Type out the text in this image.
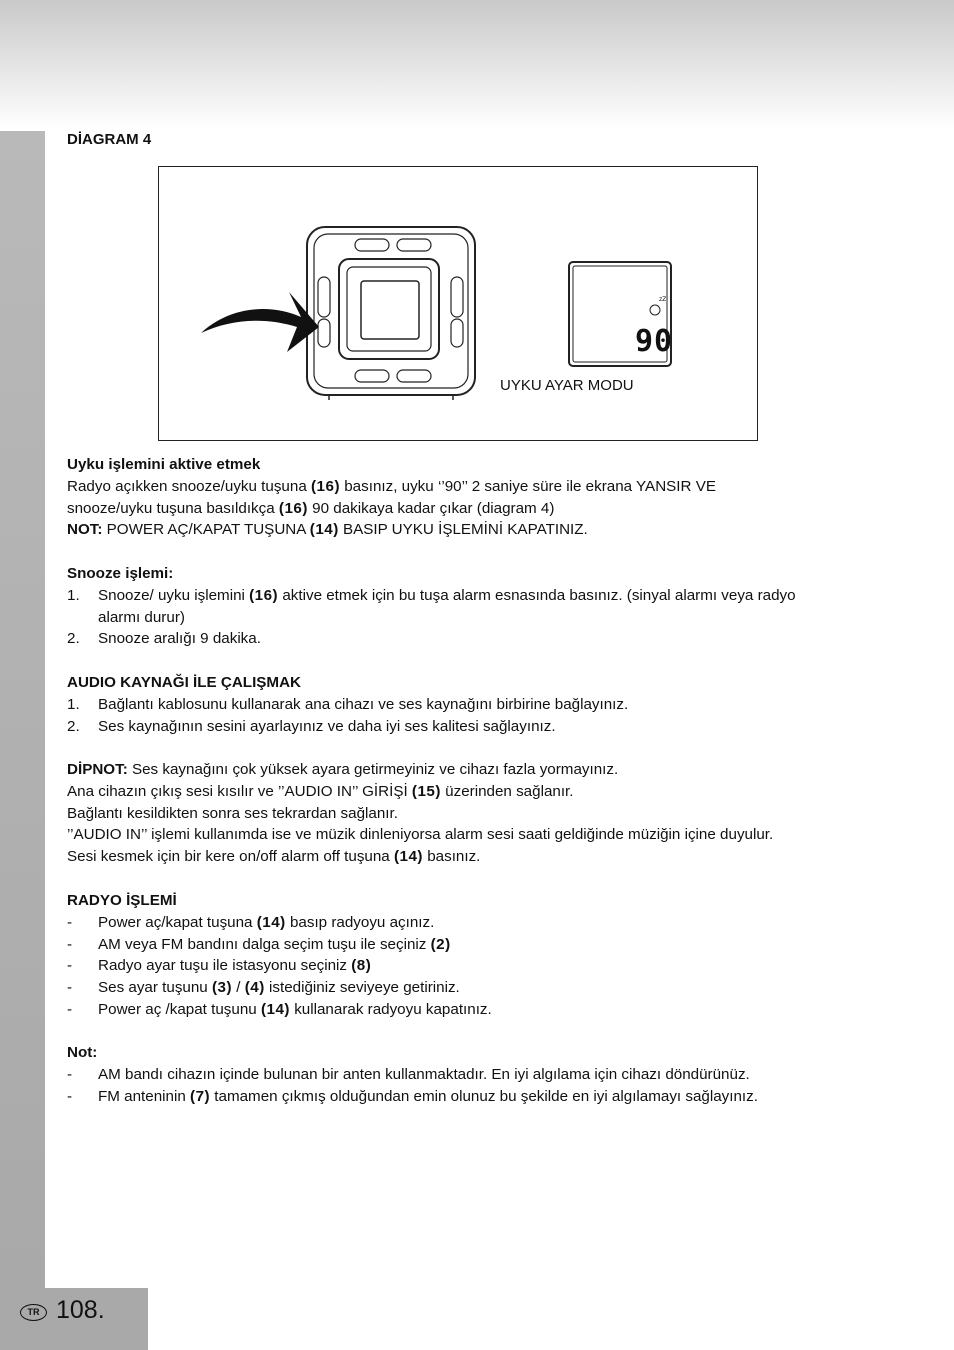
TR 108.
DİAGRAM 4
zZ
90
UYKU AYAR MODU

Uyku işlemini aktive etmek

Radyo açıkken snooze/uyku tuşuna (16) basınız, uyku ‘’90’’ 2 saniye süre ile ekrana YANSIR VE

snooze/uyku tuşuna basıldıkça (16) 90 dakikaya kadar çıkar (diagram 4)

NOT: POWER AÇ/KAPAT TUŞUNA (14) BASIP UYKU İŞLEMİNİ KAPATINIZ.

Snooze işlemi:

1. Snooze/ uyku işlemini (16) aktive etmek için bu tuşa alarm esnasında basınız. (sinyal alarmı veya radyo
alarmı durur)
2. Snooze aralığı 9 dakika.

AUDIO KAYNAĞI İLE ÇALIŞMAK

1. Bağlantı kablosunu kullanarak ana cihazı ve ses kaynağını birbirine bağlayınız.
2. Ses kaynağının sesini ayarlayınız ve daha iyi ses kalitesi sağlayınız.

DİPNOT: Ses kaynağını çok yüksek ayara getirmeyiniz ve cihazı fazla yormayınız.

Ana cihazın çıkış sesi kısılır ve ’’AUDIO IN’’ GİRİŞİ (15) üzerinden sağlanır.

Bağlantı kesildikten sonra ses tekrardan sağlanır.

’’AUDIO IN’’ işlemi kullanımda ise ve müzik dinleniyorsa alarm sesi saati geldiğinde müziğin içine duyulur.

Sesi kesmek için bir kere on/off alarm off tuşuna (14) basınız.

RADYO İŞLEMİ

- Power aç/kapat tuşuna (14) basıp radyoyu açınız.
- AM veya FM bandını dalga seçim tuşu ile seçiniz (2)
- Radyo ayar tuşu ile istasyonu seçiniz (8)
- Ses ayar tuşunu (3) / (4) istediğiniz seviyeye getiriniz.
- Power aç /kapat tuşunu (14) kullanarak radyoyu kapatınız.

Not:

- AM bandı cihazın içinde bulunan bir anten kullanmaktadır. En iyi algılama için cihazı döndürünüz.
- FM anteninin (7) tamamen çıkmış olduğundan emin olunuz bu şekilde en iyi algılamayı sağlayınız.
